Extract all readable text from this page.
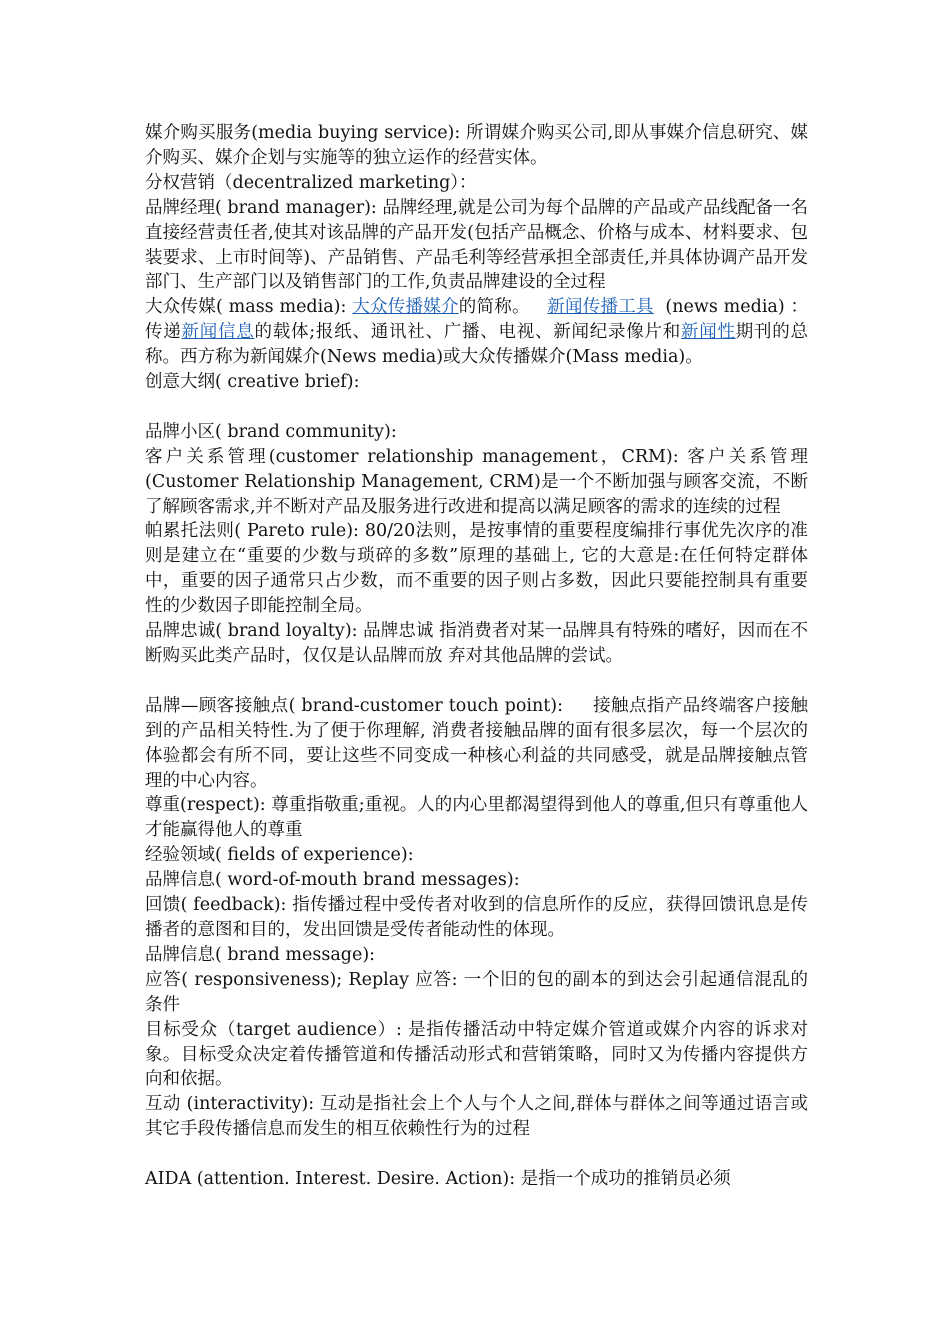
媒介购买服务(media buying service): 所谓媒介购买公司,即从事媒介信息研究、媒介购买、媒介企划与实施等的独立运作的经营实体。

分权营销（decentralized marketing）：

品牌经理( brand manager): 品牌经理,就是公司为每个品牌的产品或产品线配备一名直接经营责任者,使其对该品牌的产品开发(包括产品概念、价格与成本、材料要求、包装要求、上市时间等)、产品销售、产品毛利等经营承担全部责任,并具体协调产品开发部门、生产部门以及销售部门的工作,负责品牌建设的全过程

大众传媒( mass media): 大众传播媒介的简称。   新闻传播工具  (news media) ：传递新闻信息的载体;报纸、通讯社、广播、电视、新闻纪录像片和新闻性期刊的总称。西方称为新闻媒介(News media)或大众传播媒介(Mass media)。

创意大纲( creative brief):

品牌小区( brand community):

客户关系管理(customer relationship management，CRM): 客户关系管理(Customer Relationship Management, CRM)是一个不断加强与顾客交流，不断了解顾客需求,并不断对产品及服务进行改进和提高以满足顾客的需求的连续的过程

帕累托法则( Pareto rule): 80/20法则，是按事情的重要程度编排行事优先次序的准则是建立在“重要的少数与琐碎的多数”原理的基础上, 它的大意是:在任何特定群体中，重要的因子通常只占少数，而不重要的因子则占多数，因此只要能控制具有重要性的少数因子即能控制全局。

品牌忠诚( brand loyalty): 品牌忠诚 指消费者对某一品牌具有特殊的嗜好，因而在不断购买此类产品时，仅仅是认品牌而放 弃对其他品牌的尝试。

品牌—顾客接触点( brand-customer touch point):     接触点指产品终端客户接触到的产品相关特性.为了便于你理解, 消费者接触品牌的面有很多层次，每一个层次的体验都会有所不同，要让这些不同变成一种核心利益的共同感受，就是品牌接触点管理的中心内容。

尊重(respect): 尊重指敬重;重视。人的内心里都渴望得到他人的尊重,但只有尊重他人才能赢得他人的尊重

经验领域( fields of experience):

品牌信息( word-of-mouth brand messages):

回馈( feedback): 指传播过程中受传者对收到的信息所作的反应，获得回馈讯息是传播者的意图和目的，发出回馈是受传者能动性的体现。

品牌信息( brand message):

应答( responsiveness); Replay 应答: 一个旧的包的副本的到达会引起通信混乱的条件

目标受众（target audience）: 是指传播活动中特定媒介管道或媒介内容的诉求对象。目标受众决定着传播管道和传播活动形式和营销策略，同时又为传播内容提供方向和依据。

互动 (interactivity): 互动是指社会上个人与个人之间,群体与群体之间等通过语言或其它手段传播信息而发生的相互依赖性行为的过程

AIDA (attention. Interest. Desire. Action): 是指一个成功的推销员必须
